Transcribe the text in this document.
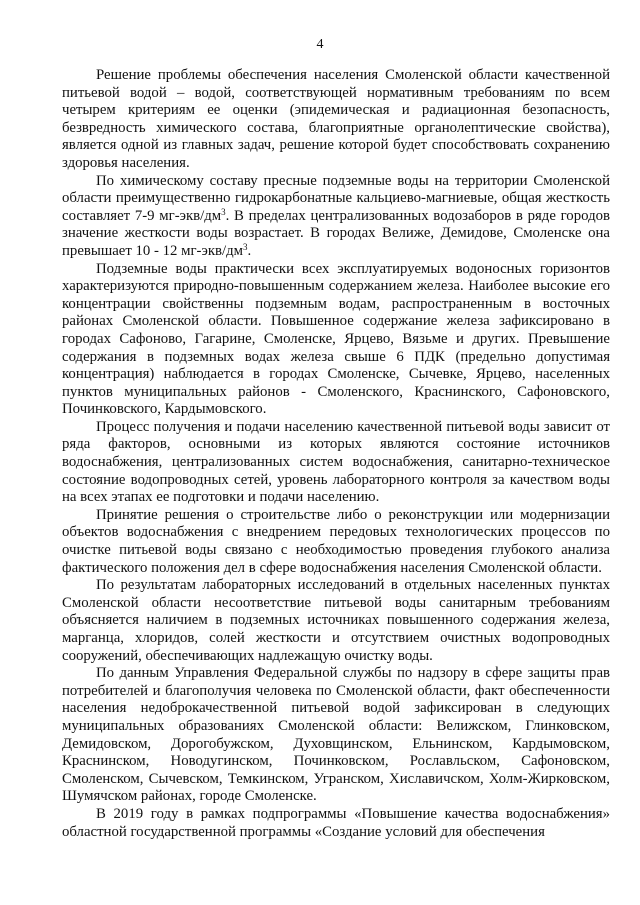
4

Решение проблемы обеспечения населения Смоленской области качественной питьевой водой – водой, соответствующей нормативным требованиям по всем четырем критериям ее оценки (эпидемическая и радиационная безопасность, безвредность химического состава, благоприятные органолептические свойства), является одной из главных задач, решение которой будет способствовать сохранению здоровья населения.

По химическому составу пресные подземные воды на территории Смоленской области преимущественно гидрокарбонатные кальциево-магниевые, общая жесткость составляет 7-9 $мг-экв/дм^3$. В пределах централизованных водозаборов в ряде городов значение жесткости воды возрастает. В городах Велиже, Демидове, Смоленске она превышает 10 - 12 $мг-экв/дм^3$.

Подземные воды практически всех эксплуатируемых водоносных горизонтов характеризуются природно-повышенным содержанием железа. Наиболее высокие его концентрации свойственны подземным водам, распространенным в восточных районах Смоленской области. Повышенное содержание железа зафиксировано в городах Сафоново, Гагарине, Смоленске, Ярцево, Вязьме и других. Превышение содержания в подземных водах железа свыше 6 ПДК (предельно допустимая концентрация) наблюдается в городах Смоленске, Сычевке, Ярцево, населенных пунктов муниципальных районов - Смоленского, Краснинского, Сафоновского, Починковского, Кардымовского.

Процесс получения и подачи населению качественной питьевой воды зависит от ряда факторов, основными из которых являются состояние источников водоснабжения, централизованных систем водоснабжения, санитарно-техническое состояние водопроводных сетей, уровень лабораторного контроля за качеством воды на всех этапах ее подготовки и подачи населению.

Принятие решения о строительстве либо о реконструкции или модернизации объектов водоснабжения с внедрением передовых технологических процессов по очистке питьевой воды связано с необходимостью проведения глубокого анализа фактического положения дел в сфере водоснабжения населения Смоленской области.

По результатам лабораторных исследований в отдельных населенных пунктах Смоленской области несоответствие питьевой воды санитарным требованиям объясняется наличием в подземных источниках повышенного содержания железа, марганца, хлоридов, солей жесткости и отсутствием очистных водопроводных сооружений, обеспечивающих надлежащую очистку воды.

По данным Управления Федеральной службы по надзору в сфере защиты прав потребителей и благополучия человека по Смоленской области, факт обеспеченности населения недоброкачественной питьевой водой зафиксирован в следующих муниципальных образованиях Смоленской области: Велижском, Глинковском, Демидовском, Дорогобужском, Духовщинском, Ельнинском, Кардымовском, Краснинском, Новодугинском, Починковском, Рославльском, Сафоновском, Смоленском, Сычевском, Темкинском, Угранском, Хиславичском, Холм-Жирковском, Шумячском районах, городе Смоленске.

В 2019 году в рамках подпрограммы «Повышение качества водоснабжения» областной государственной программы «Создание условий для обеспечения
